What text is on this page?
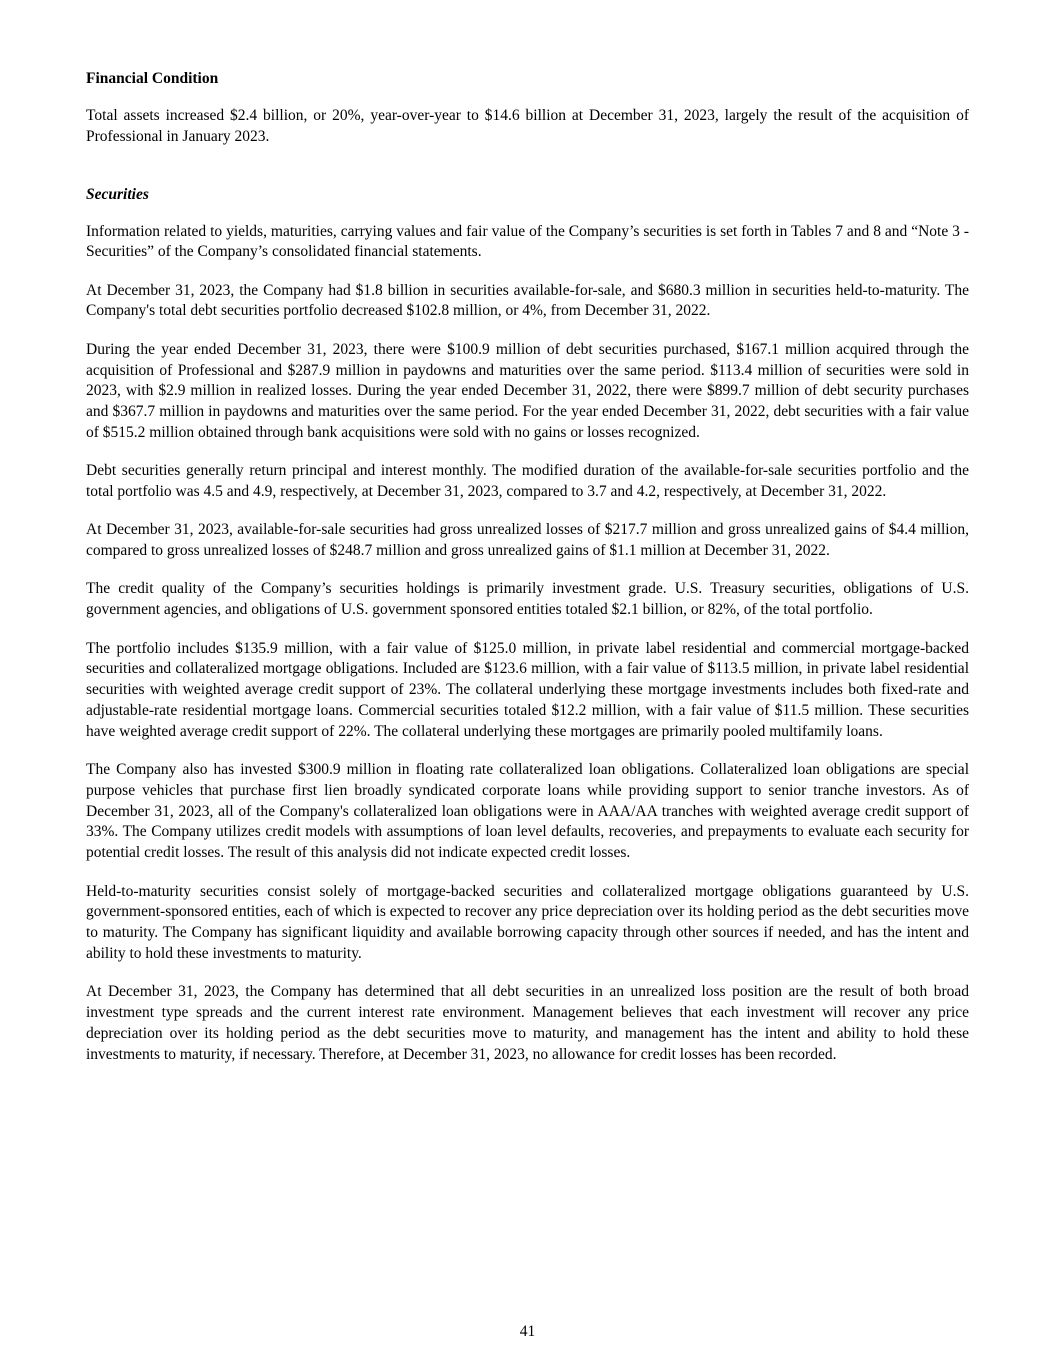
Financial Condition

Total assets increased $2.4 billion, or 20%, year-over-year to $14.6 billion at December 31, 2023, largely the result of the acquisition of Professional in January 2023.

Securities

Information related to yields, maturities, carrying values and fair value of the Company’s securities is set forth in Tables 7 and 8 and “Note 3 - Securities” of the Company’s consolidated financial statements.

At December 31, 2023, the Company had $1.8 billion in securities available-for-sale, and $680.3 million in securities held-to-maturity. The Company's total debt securities portfolio decreased $102.8 million, or 4%, from December 31, 2022.

During the year ended December 31, 2023, there were $100.9 million of debt securities purchased, $167.1 million acquired through the acquisition of Professional and $287.9 million in paydowns and maturities over the same period. $113.4 million of securities were sold in 2023, with $2.9 million in realized losses. During the year ended December 31, 2022, there were $899.7 million of debt security purchases and $367.7 million in paydowns and maturities over the same period. For the year ended December 31, 2022, debt securities with a fair value of $515.2 million obtained through bank acquisitions were sold with no gains or losses recognized.

Debt securities generally return principal and interest monthly. The modified duration of the available-for-sale securities portfolio and the total portfolio was 4.5 and 4.9, respectively, at December 31, 2023, compared to 3.7 and 4.2, respectively, at December 31, 2022.

At December 31, 2023, available-for-sale securities had gross unrealized losses of $217.7 million and gross unrealized gains of $4.4 million, compared to gross unrealized losses of $248.7 million and gross unrealized gains of $1.1 million at December 31, 2022.

The credit quality of the Company’s securities holdings is primarily investment grade. U.S. Treasury securities, obligations of U.S. government agencies, and obligations of U.S. government sponsored entities totaled $2.1 billion, or 82%, of the total portfolio.

The portfolio includes $135.9 million, with a fair value of $125.0 million, in private label residential and commercial mortgage-backed securities and collateralized mortgage obligations. Included are $123.6 million, with a fair value of $113.5 million, in private label residential securities with weighted average credit support of 23%. The collateral underlying these mortgage investments includes both fixed-rate and adjustable-rate residential mortgage loans. Commercial securities totaled $12.2 million, with a fair value of $11.5 million. These securities have weighted average credit support of 22%. The collateral underlying these mortgages are primarily pooled multifamily loans.

The Company also has invested $300.9 million in floating rate collateralized loan obligations. Collateralized loan obligations are special purpose vehicles that purchase first lien broadly syndicated corporate loans while providing support to senior tranche investors. As of December 31, 2023, all of the Company's collateralized loan obligations were in AAA/AA tranches with weighted average credit support of 33%. The Company utilizes credit models with assumptions of loan level defaults, recoveries, and prepayments to evaluate each security for potential credit losses. The result of this analysis did not indicate expected credit losses.

Held-to-maturity securities consist solely of mortgage-backed securities and collateralized mortgage obligations guaranteed by U.S. government-sponsored entities, each of which is expected to recover any price depreciation over its holding period as the debt securities move to maturity. The Company has significant liquidity and available borrowing capacity through other sources if needed, and has the intent and ability to hold these investments to maturity.

At December 31, 2023, the Company has determined that all debt securities in an unrealized loss position are the result of both broad investment type spreads and the current interest rate environment. Management believes that each investment will recover any price depreciation over its holding period as the debt securities move to maturity, and management has the intent and ability to hold these investments to maturity, if necessary. Therefore, at December 31, 2023, no allowance for credit losses has been recorded.

41
